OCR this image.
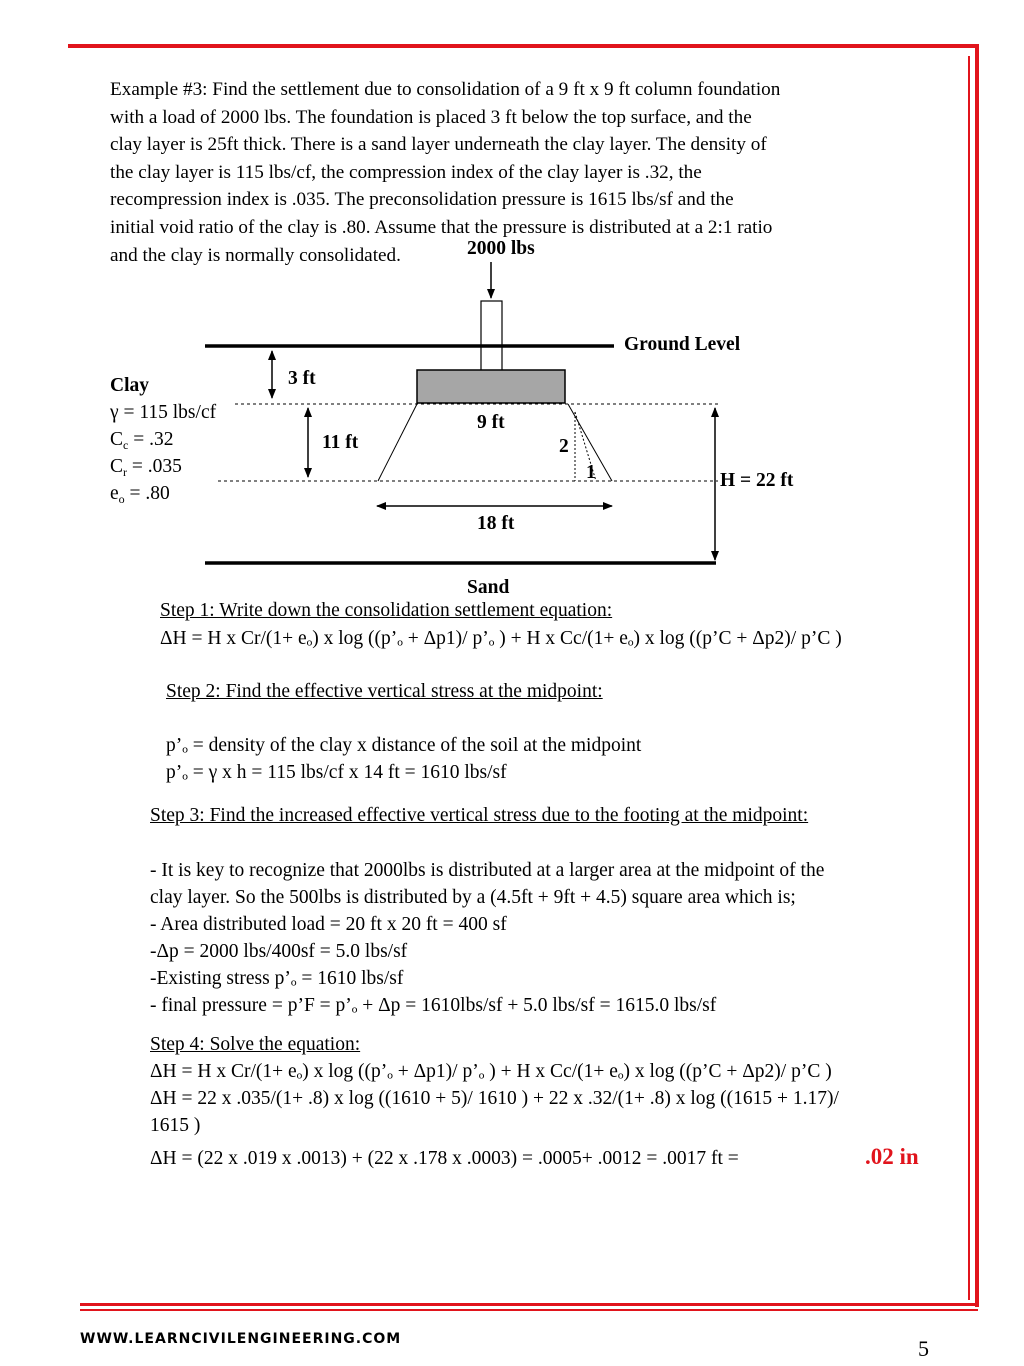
Example #3: Find the settlement due to consolidation of a 9 ft x 9 ft column foundation
with a load of 2000 lbs. The foundation is placed 3 ft below the top surface, and the
clay layer is 25ft thick. There is a sand layer underneath the clay layer. The density of
the clay layer is 115 lbs/cf, the compression index of the clay layer is .32, the
recompression index is .035. The preconsolidation pressure is 1615 lbs/sf and the
initial void ratio of the clay is .80. Assume that the pressure is distributed at a 2:1 ratio
and the clay is normally consolidated.	2000 lbs
Ground Level
3 ft
9 ft
11 ft	2
1	H = 22 ft
18 ft
Sand
Clay
γ = 115 lbs/cf
$C_c = .32$
$C_r = .035$
$e_o = .80$
Step 1: Write down the consolidation settlement equation:
ΔH = H x Cr/(1+ eₒ) x log ((p’ₒ + Δp1)/ p’ₒ ) + H x Cc/(1+ eₒ) x log ((p’C + Δp2)/ p’C )
Step 2: Find the effective vertical stress at the midpoint:
p’ₒ = density of the clay x distance of the soil at the midpoint
p’ₒ = γ x h = 115 lbs/cf x 14 ft = 1610 lbs/sf
Step 3: Find the increased effective vertical stress due to the footing at the midpoint:
- It is key to recognize that 2000lbs is distributed at a larger area at the midpoint of the
clay layer. So the 500lbs is distributed by a (4.5ft + 9ft + 4.5) square area which is;
- Area distributed load = 20 ft x 20 ft = 400 sf
-Δp = 2000 lbs/400sf = 5.0 lbs/sf
-Existing stress p’ₒ = 1610 lbs/sf
- final pressure = p’F = p’ₒ + Δp = 1610lbs/sf + 5.0 lbs/sf = 1615.0 lbs/sf
Step 4: Solve the equation:
ΔH = H x Cr/(1+ eₒ) x log ((p’ₒ + Δp1)/ p’ₒ ) + H x Cc/(1+ eₒ) x log ((p’C + Δp2)/ p’C )
ΔH = 22 x .035/(1+ .8) x log ((1610 + 5)/ 1610 ) + 22 x .32/(1+ .8) x log ((1615 + 1.17)/
1615 )
ΔH = (22 x .019 x .0013) + (22 x .178 x .0003) = .0005+ .0012 = .0017 ft =	.02 in
WWW.LEARNCIVILENGINEERING.COM	5
